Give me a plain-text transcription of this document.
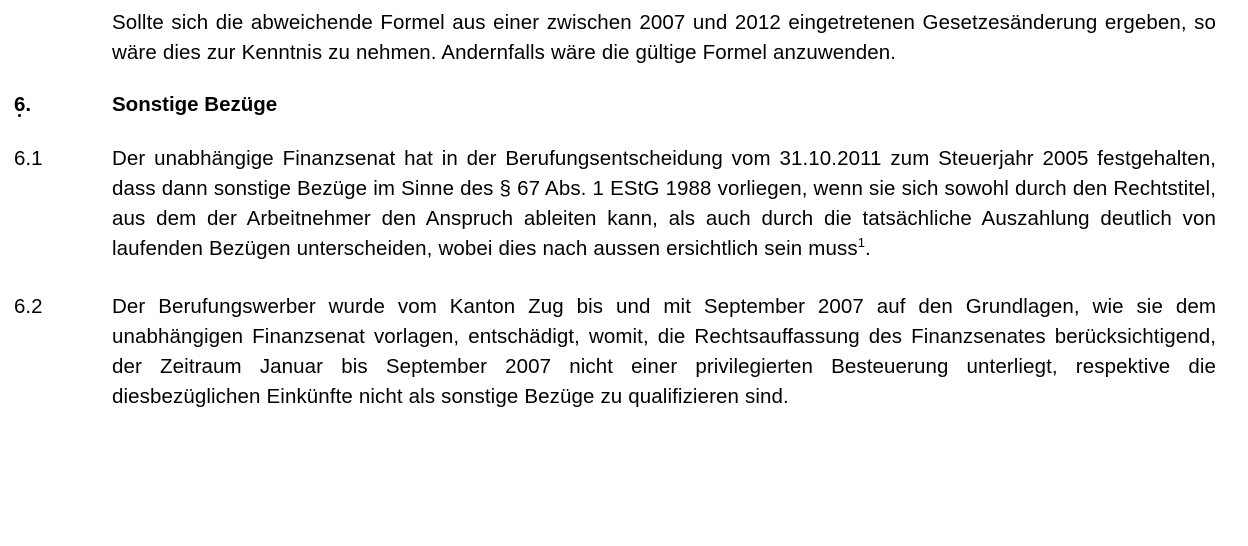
Sollte sich die abweichende Formel aus einer zwischen 2007 und 2012 eingetretenen Gesetzesänderung ergeben, so wäre dies zur Kenntnis zu nehmen. Andernfalls wäre die gültige Formel anzuwenden.

6.	Sonstige Bezüge

6.1	Der unabhängige Finanzsenat hat in der Berufungsentscheidung vom 31.10.2011 zum Steuerjahr 2005 festgehalten, dass dann sonstige Bezüge im Sinne des § 67 Abs. 1 EStG 1988 vorliegen, wenn sie sich sowohl durch den Rechtstitel, aus dem der Arbeitnehmer den Anspruch ableiten kann, als auch durch die tatsächliche Auszahlung deutlich von laufenden Bezügen unterscheiden, wobei dies nach aussen ersichtlich sein muss$^1$.

6.2	Der Berufungswerber wurde vom Kanton Zug bis und mit September 2007 auf den Grundlagen, wie sie dem unabhängigen Finanzsenat vorlagen, entschädigt, womit, die Rechtsauffassung des Finanzsenates berücksichtigend, der Zeitraum Januar bis September 2007 nicht einer privilegierten Besteuerung unterliegt, respektive die diesbezüglichen Einkünfte nicht als sonstige Bezüge zu qualifizieren sind.
